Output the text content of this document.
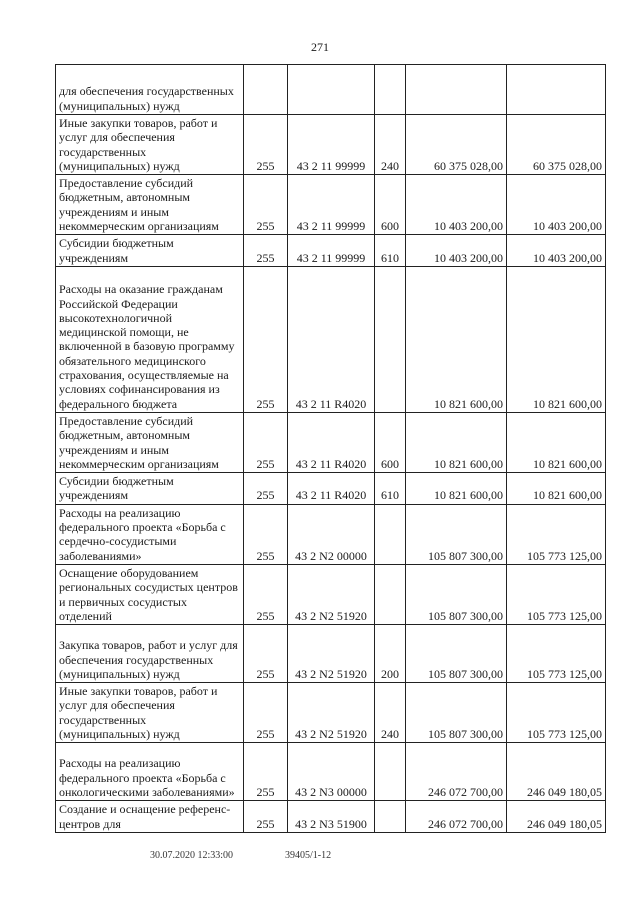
271
для обеспечения государственных (муниципальных) нужд					
Иные закупки товаров, работ и услуг для обеспечения государственных (муниципальных) нужд	255	43 2 11 99999	240	60 375 028,00	60 375 028,00
Предоставление субсидий бюджетным, автономным учреждениям и иным некоммерческим организациям	255	43 2 11 99999	600	10 403 200,00	10 403 200,00
Субсидии бюджетным учреждениям	255	43 2 11 99999	610	10 403 200,00	10 403 200,00
Расходы на оказание гражданам Российской Федерации высокотехнологичной медицинской помощи, не включенной в базовую программу обязательного медицинского страхования, осуществляемые на условиях софинансирования из федерального бюджета	255	43 2 11 R4020		10 821 600,00	10 821 600,00
Предоставление субсидий бюджетным, автономным учреждениям и иным некоммерческим организациям	255	43 2 11 R4020	600	10 821 600,00	10 821 600,00
Субсидии бюджетным учреждениям	255	43 2 11 R4020	610	10 821 600,00	10 821 600,00
Расходы на реализацию федерального проекта «Борьба с сердечно-сосудистыми заболеваниями»	255	43 2 N2 00000		105 807 300,00	105 773 125,00
Оснащение оборудованием региональных сосудистых центров и первичных сосудистых отделений	255	43 2 N2 51920		105 807 300,00	105 773 125,00
Закупка товаров, работ и услуг для обеспечения государственных (муниципальных) нужд	255	43 2 N2 51920	200	105 807 300,00	105 773 125,00
Иные закупки товаров, работ и услуг для обеспечения государственных (муниципальных) нужд	255	43 2 N2 51920	240	105 807 300,00	105 773 125,00
Расходы на реализацию федерального проекта «Борьба с онкологическими заболеваниями»	255	43 2 N3 00000		246 072 700,00	246 049 180,05
Создание и оснащение референс-центров для	255	43 2 N3 51900		246 072 700,00	246 049 180,05
30.07.2020 12:33:00	39405/1-12
